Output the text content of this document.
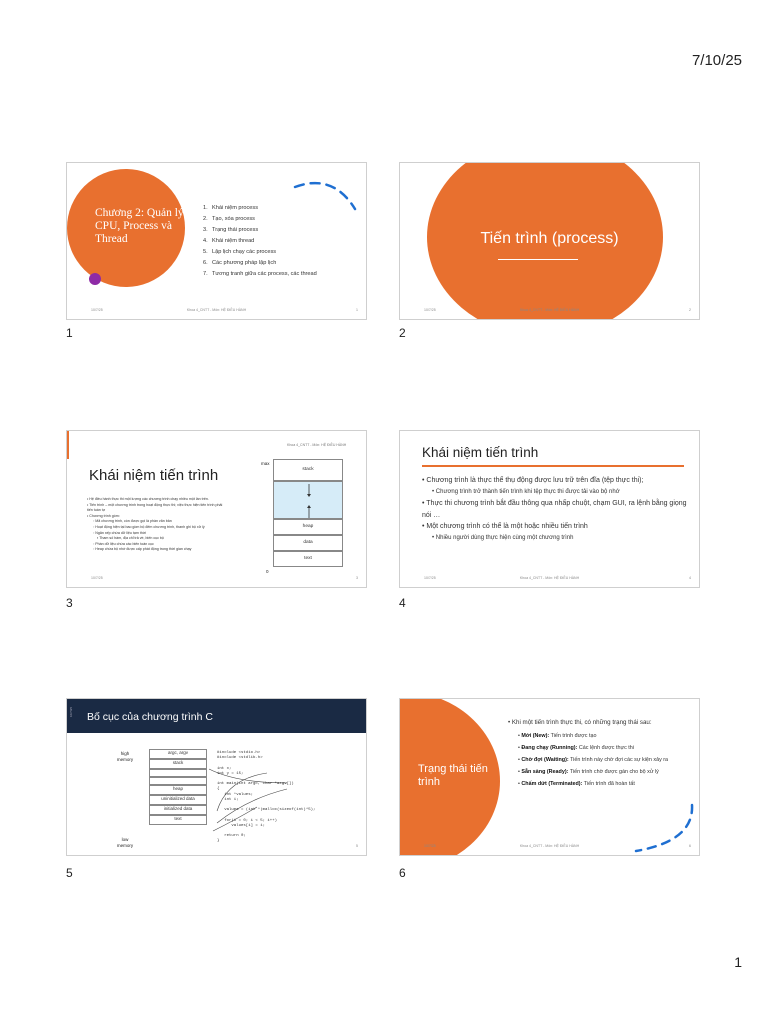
7/10/25
Chương 2: Quản lý CPU, Process và Thread
1. Khái niệm process
2. Tạo, xóa process
3. Trạng thái process
4. Khái niệm thread
5. Lập lịch chạy các process
6. Các phương pháp lập lịch
7. Tương tranh giữa các process, các thread
10/7/25	Khoa 4_CNTT - Môn: HỆ ĐIỀU HÀNH	1
1
Tiến trình (process)
10/7/25	Khoa 4_CNTT - Môn: HỆ ĐIỀU HÀNH	2
2
Khoa 4_CNTT - Môn: HỆ ĐIỀU HÀNH
Khái niệm tiến trình
• Hệ điều hành thực thi một lượng các chương trình chạy nhiều một lần trên.
• Tiến trình – một chương trình trong hoạt động thực thi; việc thực hiện tiến trình phải
tiến tuần tự
• Chương trình gồm:
◦ Mã chương trình, còn được gọi là phần văn bản
◦ Hoạt động hiện tại bao gồm bộ đếm chương trình, thanh ghi bộ xử lý
◦ Ngăn xếp chứa dữ liệu tạm thời
▪ Tham số hàm, địa chỉ trả về, biến cục bộ
◦ Phần dữ liệu chứa các biến toàn cục
◦ Heap chứa bộ nhớ được cấp phát động trong thời gian chạy
max
0
stack
heap
data
text
10/7/25	3
3
Khái niệm tiến trình
• Chương trình là thực thể thụ động được lưu trữ trên đĩa (tệp thực thi);
• Chương trình trở thành tiến trình khi tệp thực thi được tải vào bộ nhớ
• Thực thi chương trình bắt đầu thông qua nhấp chuột, chạm GUI, ra lệnh bằng giọng nói …
• Một chương trình có thể là một hoặc nhiều tiến trình
• Nhiều người dùng thực hiện cùng một chương trình
10/7/25	Khoa 4_CNTT - Môn: HỆ ĐIỀU HÀNH	4
4
10/7/25 Bố cục của chương trình C
high memory
low memory
argc, argv
stack
heap
uninitialized data
initialized data
text
#include <stdio.h>
#include <stdlib.h>

int x;
int y = 15;

int main(int argc, char *argv[])
{
int *values;
int i;

values = (int *)malloc(sizeof(int)*5);

for(i = 0; i < 5; i++)
values[i] = i;

return 0;
}
5
5
Trạng thái tiến trình
• Khi một tiến trình thực thi, có những trạng thái sau:
• Mới (New): Tiến trình được tạo
• Đang chạy (Running): Các lệnh được thực thi
• Chờ đợi (Waiting): Tiến trình này chờ đợi các sự kiện xảy ra
• Sẵn sàng (Ready): Tiến trình chờ được gán cho bộ xử lý
• Chấm dứt (Terminated): Tiến trình đã hoàn tất
10/7/25	Khoa 4_CNTT - Môn: HỆ ĐIỀU HÀNH	6
6
1
